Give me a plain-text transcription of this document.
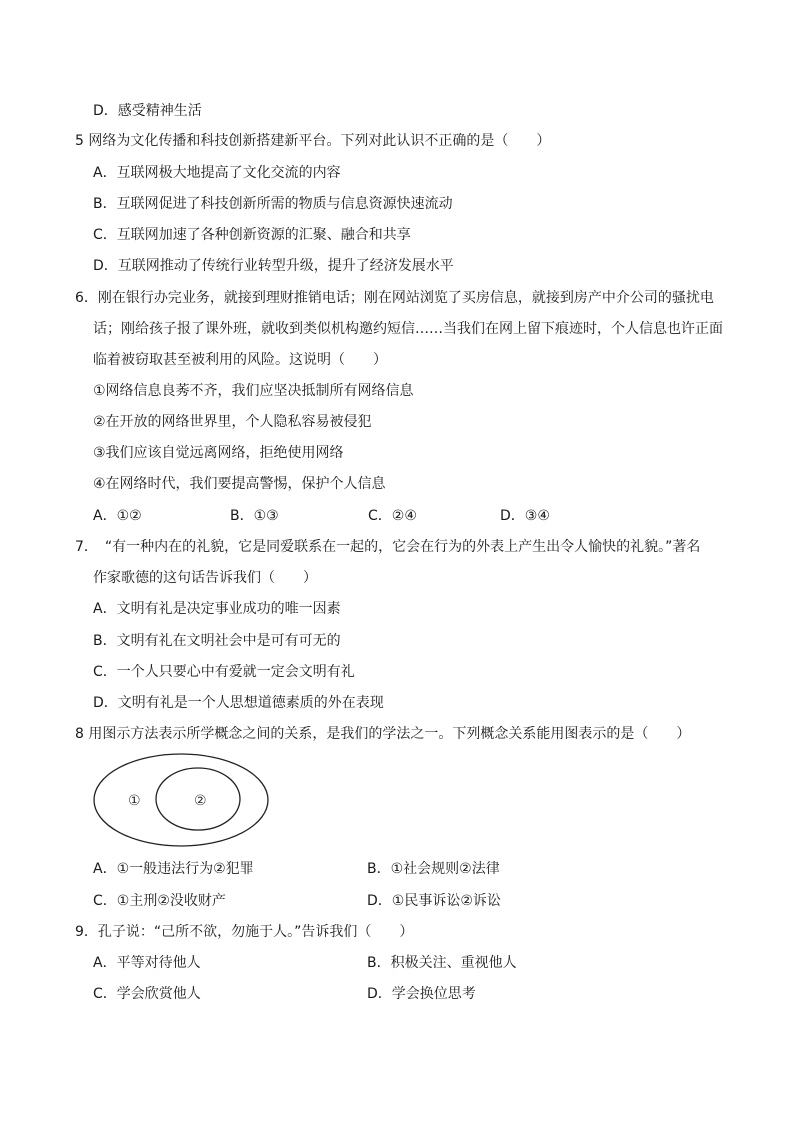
D．感受精神生活
5 网络为文化传播和科技创新搭建新平台。下列对此认识不正确的是（　　）
A．互联网极大地提高了文化交流的内容
B．互联网促进了科技创新所需的物质与信息资源快速流动
C．互联网加速了各种创新资源的汇聚、融合和共享
D．互联网推动了传统行业转型升级，提升了经济发展水平
6．刚在银行办完业务，就接到理财推销电话；刚在网站浏览了买房信息，就接到房产中介公司的骚扰电
话；刚给孩子报了课外班，就收到类似机构邀约短信……当我们在网上留下痕迹时，个人信息也许正面
临着被窃取甚至被利用的风险。这说明（　　）
①网络信息良莠不齐，我们应坚决抵制所有网络信息
②在开放的网络世界里，个人隐私容易被侵犯
③我们应该自觉远离网络，拒绝使用网络
④在网络时代，我们要提高警惕，保护个人信息
A．①②	B．①③	C．②④	D．③④
7．　“有一种内在的礼貌，它是同爱联系在一起的，它会在行为的外表上产生出令人愉快的礼貌。”著名
作家歌德的这句话告诉我们（　　）
A．文明有礼是决定事业成功的唯一因素
B．文明有礼在文明社会中是可有可无的
C．一个人只要心中有爱就一定会文明有礼
D．文明有礼是一个人思想道德素质的外在表现
8 用图示方法表示所学概念之间的关系，是我们的学法之一。下列概念关系能用图表示的是（　　）
①	②
A．①一般违法行为②犯罪	B．①社会规则②法律
C．①主刑②没收财产	D．①民事诉讼②诉讼
9．孔子说：“己所不欲，勿施于人。”告诉我们（　　）
A．平等对待他人	B．积极关注、重视他人
C．学会欣赏他人	D．学会换位思考
